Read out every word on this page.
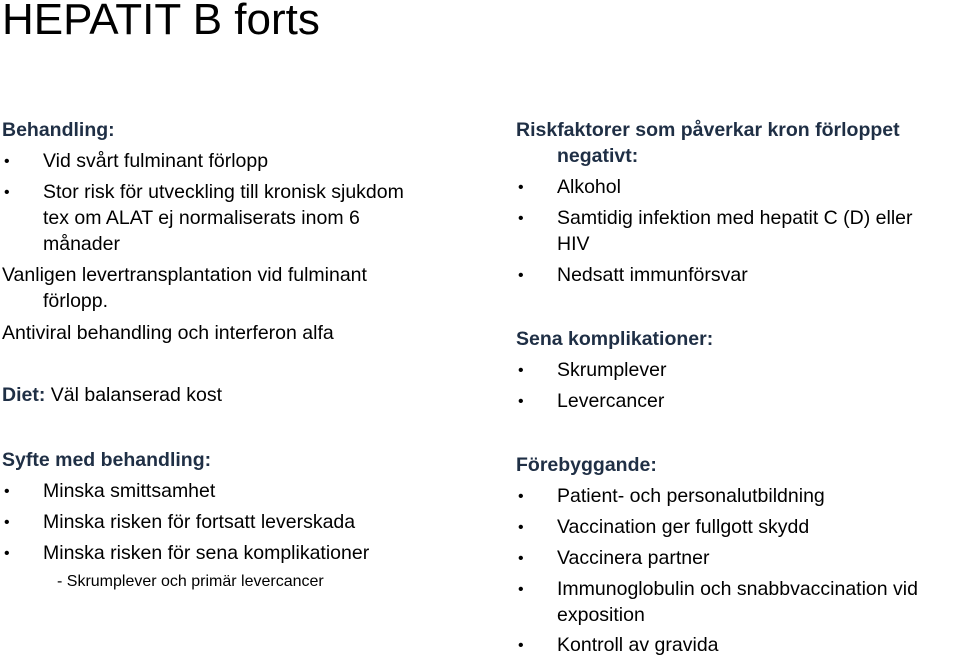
HEPATIT B forts
Behandling:
• Vid svårt fulminant förlopp
• Stor risk för utveckling till kronisk sjukdom
tex om ALAT ej normaliserats inom 6
månader
Vanligen levertransplantation vid fulminant
förlopp.
Antiviral behandling och interferon alfa
Diet: Väl balanserad kost
Syfte med behandling:
• Minska smittsamhet
• Minska risken för fortsatt leverskada
• Minska risken för sena komplikationer
- Skrumplever och primär levercancer
Riskfaktorer som påverkar kron förloppet
negativt:
• Alkohol
• Samtidig infektion med hepatit C (D) eller
HIV
• Nedsatt immunförsvar
Sena komplikationer:
• Skrumplever
• Levercancer
Förebyggande:
• Patient- och personalutbildning
• Vaccination ger fullgott skydd
• Vaccinera partner
• Immunoglobulin och snabbvaccination vid
exposition
• Kontroll av gravida
